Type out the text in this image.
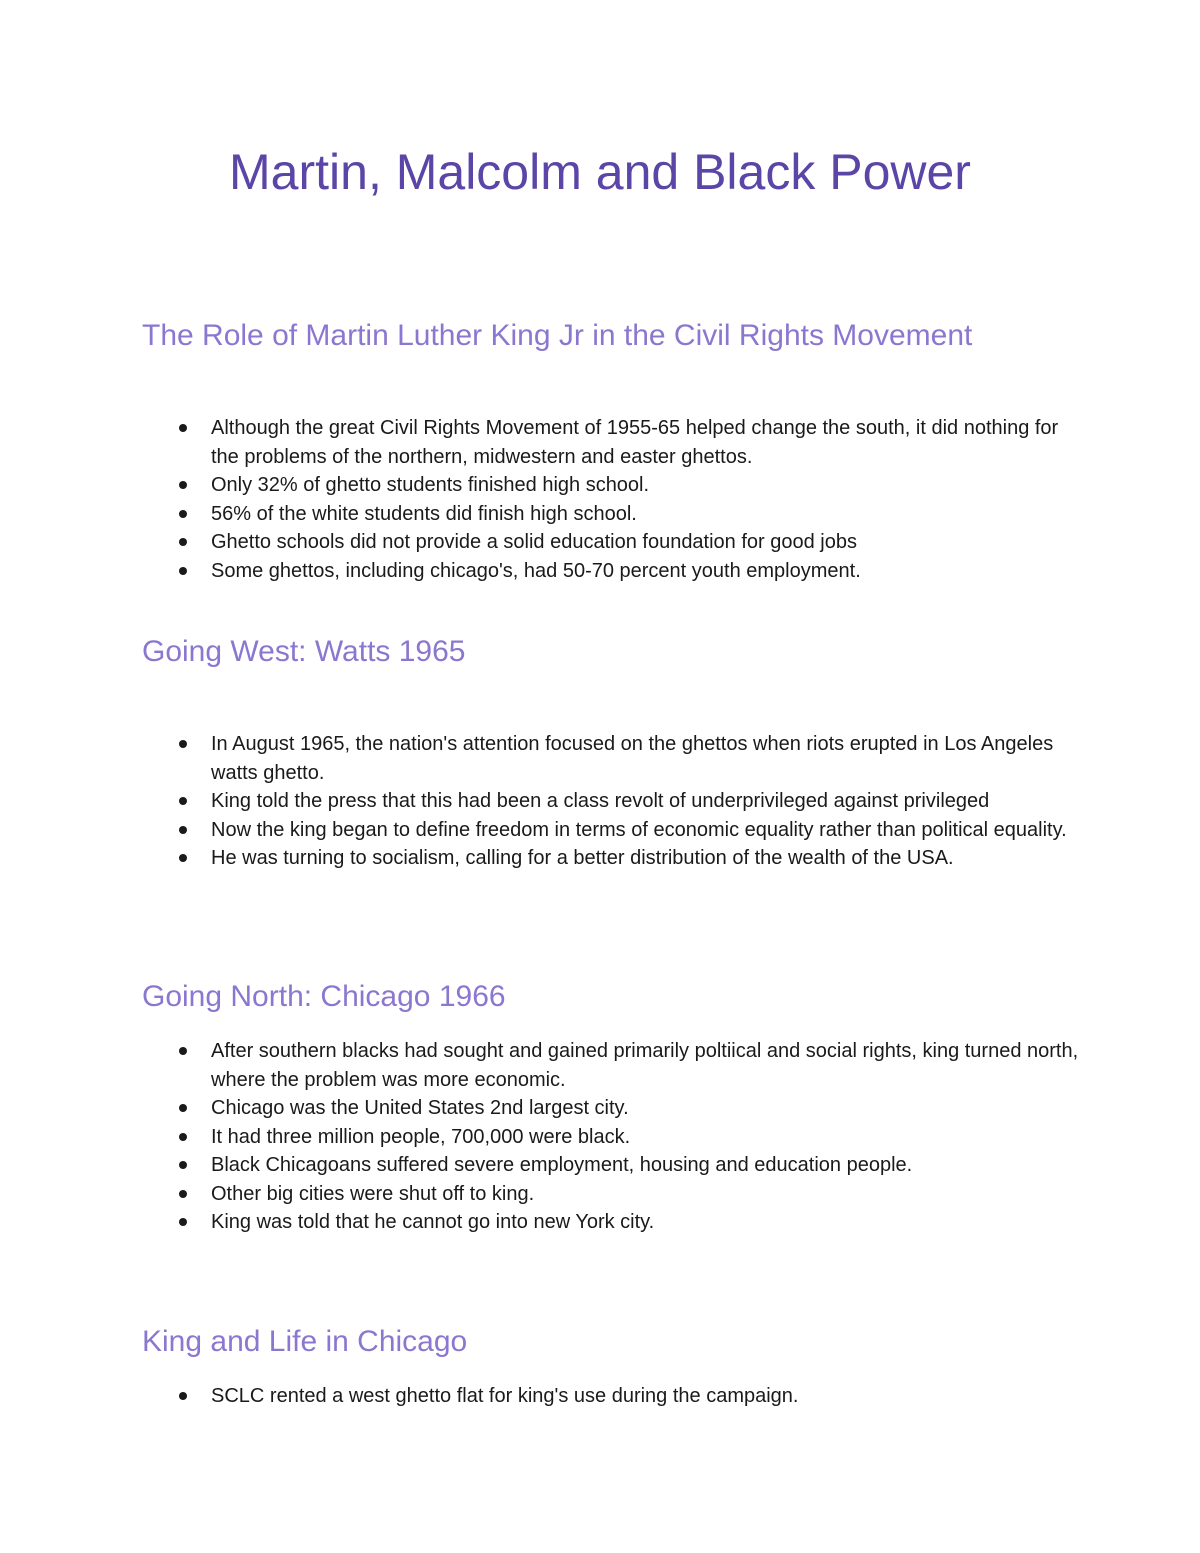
Martin, Malcolm and Black Power
The Role of Martin Luther King Jr in the Civil Rights Movement
Although the great Civil Rights Movement of 1955-65 helped change the south, it did nothing for the problems of the northern, midwestern and easter ghettos.
Only 32% of ghetto students finished high school.
56% of the white students did finish high school.
Ghetto schools did not provide a solid education foundation for good jobs
Some ghettos, including chicago's, had 50-70 percent youth employment.
Going West: Watts 1965
In August 1965, the nation's attention focused on the ghettos when riots erupted in Los Angeles watts ghetto.
King told the press that this had been a class revolt of underprivileged against privileged
Now the king began to define freedom in terms of economic equality rather than political equality.
He was turning to socialism, calling for a better distribution of the wealth of the USA.
Going North: Chicago 1966
After southern blacks had sought and gained primarily poltiical and social rights, king turned north, where the problem was more economic.
Chicago was the United States 2nd largest city.
It had three million people, 700,000 were black.
Black Chicagoans suffered severe employment, housing and education people.
Other big cities were shut off to king.
King was told that he cannot go into new York city.
King and Life in Chicago
SCLC rented a west ghetto flat for king's use during the campaign.
